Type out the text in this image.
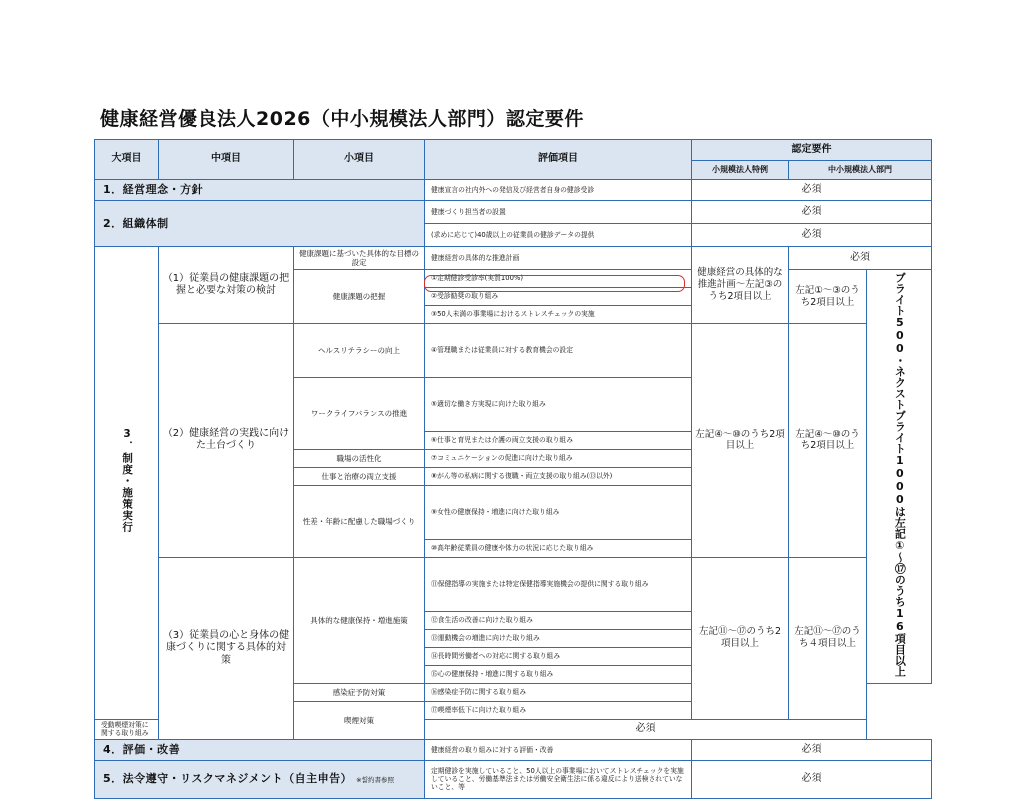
健康経営優良法人2026（中小規模法人部門）認定要件
大項目	中項目	小項目	評価項目	認定要件		
				小規模法人特例	中小規模法人部門	
1．経営理念・方針			健康宣言の社内外への発信及び経営者自身の健診受診	必須		
2．組織体制			健康づくり担当者の設置	必須		
			(求めに応じて)40歳以上の従業員の健診データの提供	必須		
3．制度・施策実行	（1）従業員の健康課題の把握と必要な対策の検討	健康課題に基づいた具体的な目標の設定	健康経営の具体的な推進計画	健康経営の具体的な推進計画～左記③のうち2項目以上	必須	
		健康課題の把握	①定期健診受診率(実質100%)		左記①～③のうち2項目以上	ブライト500・ネクストブライト1000は左記①～⑰のうち16項目以上
			②受診勧奨の取り組み			
			③50人未満の事業場におけるストレスチェックの実施			
	（2）健康経営の実践に向けた土台づくり	ヘルスリテラシーの向上	④管理職または従業員に対する教育機会の設定	左記④～⑩のうち2項目以上	左記④～⑩のうち2項目以上	
		ワークライフバランスの推進	⑤適切な働き方実現に向けた取り組み			
			⑥仕事と育児または介護の両立支援の取り組み			
		職場の活性化	⑦コミュニケーションの促進に向けた取り組み			
		仕事と治療の両立支援	⑧がん等の私病に関する復職・両立支援の取り組み(⑬以外)			
		性差・年齢に配慮した職場づくり	⑨女性の健康保持・増進に向けた取り組み			
			⑩高年齢従業員の健康や体力の状況に応じた取り組み			
	（3）従業員の心と身体の健康づくりに関する具体的対策	具体的な健康保持・増進施策	⑪保健指導の実施または特定保健指導実施機会の提供に関する取り組み	左記⑪～⑰のうち2項目以上	左記⑪～⑰のうち４項目以上	
			⑫食生活の改善に向けた取り組み			
			⑬運動機会の増進に向けた取り組み			
			⑭長時間労働者への対応に関する取り組み			
			⑮心の健康保持・増進に関する取り組み			
		感染症予防対策	⑯感染症予防に関する取り組み			
		喫煙対策	⑰喫煙率低下に向けた取り組み			
受動喫煙対策に関する取り組み			必須			
4．評価・改善			健康経営の取り組みに対する評価・改善	必須		
5．法令遵守・リスクマネジメント（自主申告） ※誓約書参照			定期健診を実施していること、50人以上の事業場においてストレスチェックを実施していること、労働基準法または労働安全衛生法に係る違反により送検されていないこと、等	必須		
